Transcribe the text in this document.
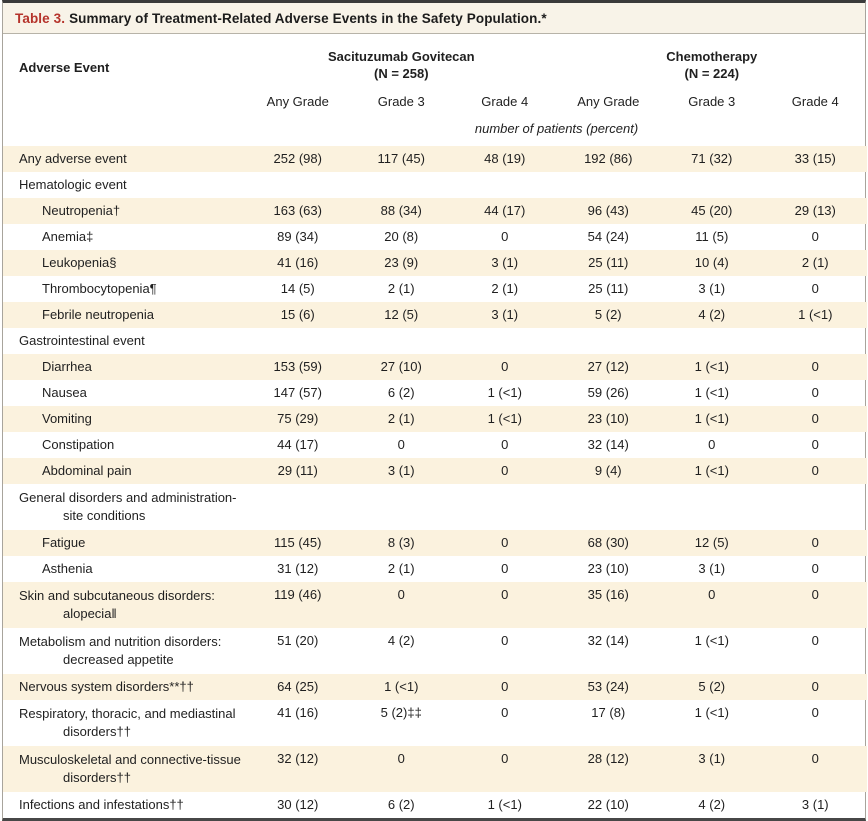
Table 3. Summary of Treatment-Related Adverse Events in the Safety Population.*
Adverse Event	
Sacituzumab Govitecan
(N = 258)

Chemotherapy
(N = 224)

	Any Grade	Grade 3	Grade 4	Any Grade	Grade 3	Grade 4
	number of patients (percent)					

Any adverse event	252 (98)	117 (45)	48 (19)	192 (86)	71 (32)	33 (15)

Hematologic event						

Neutropenia†	163 (63)	88 (34)	44 (17)	96 (43)	45 (20)	29 (13)

Anemia‡	89 (34)	20 (8)	0	54 (24)	11 (5)	0

Leukopenia§	41 (16)	23 (9)	3 (1)	25 (11)	10 (4)	2 (1)

Thrombocytopenia¶	14 (5)	2 (1)	2 (1)	25 (11)	3 (1)	0

Febrile neutropenia	15 (6)	12 (5)	3 (1)	5 (2)	4 (2)	1 (<1)

Gastrointestinal event						

Diarrhea	153 (59)	27 (10)	0	27 (12)	1 (<1)	0

Nausea	147 (57)	6 (2)	1 (<1)	59 (26)	1 (<1)	0

Vomiting	75 (29)	2 (1)	1 (<1)	23 (10)	1 (<1)	0

Constipation	44 (17)	0	0	32 (14)	0	0

Abdominal pain	29 (11)	3 (1)	0	9 (4)	1 (<1)	0

General disorders and administration-
site conditions						

Fatigue	115 (45)	8 (3)	0	68 (30)	12 (5)	0

Asthenia	31 (12)	2 (1)	0	23 (10)	3 (1)	0

Skin and subcutaneous disorders:
alopecia‖	119 (46)	0	0	35 (16)	0	0

Metabolism and nutrition disorders:
decreased appetite	51 (20)	4 (2)	0	32 (14)	1 (<1)	0

Nervous system disorders**††	64 (25)	1 (<1)	0	53 (24)	5 (2)	0

Respiratory, thoracic, and mediastinal
disorders††	41 (16)	5 (2)‡‡	0	17 (8)	1 (<1)	0

Musculoskeletal and connective-tissue
disorders††	32 (12)	0	0	28 (12)	3 (1)	0

Infections and infestations††	30 (12)	6 (2)	1 (<1)	22 (10)	4 (2)	3 (1)
